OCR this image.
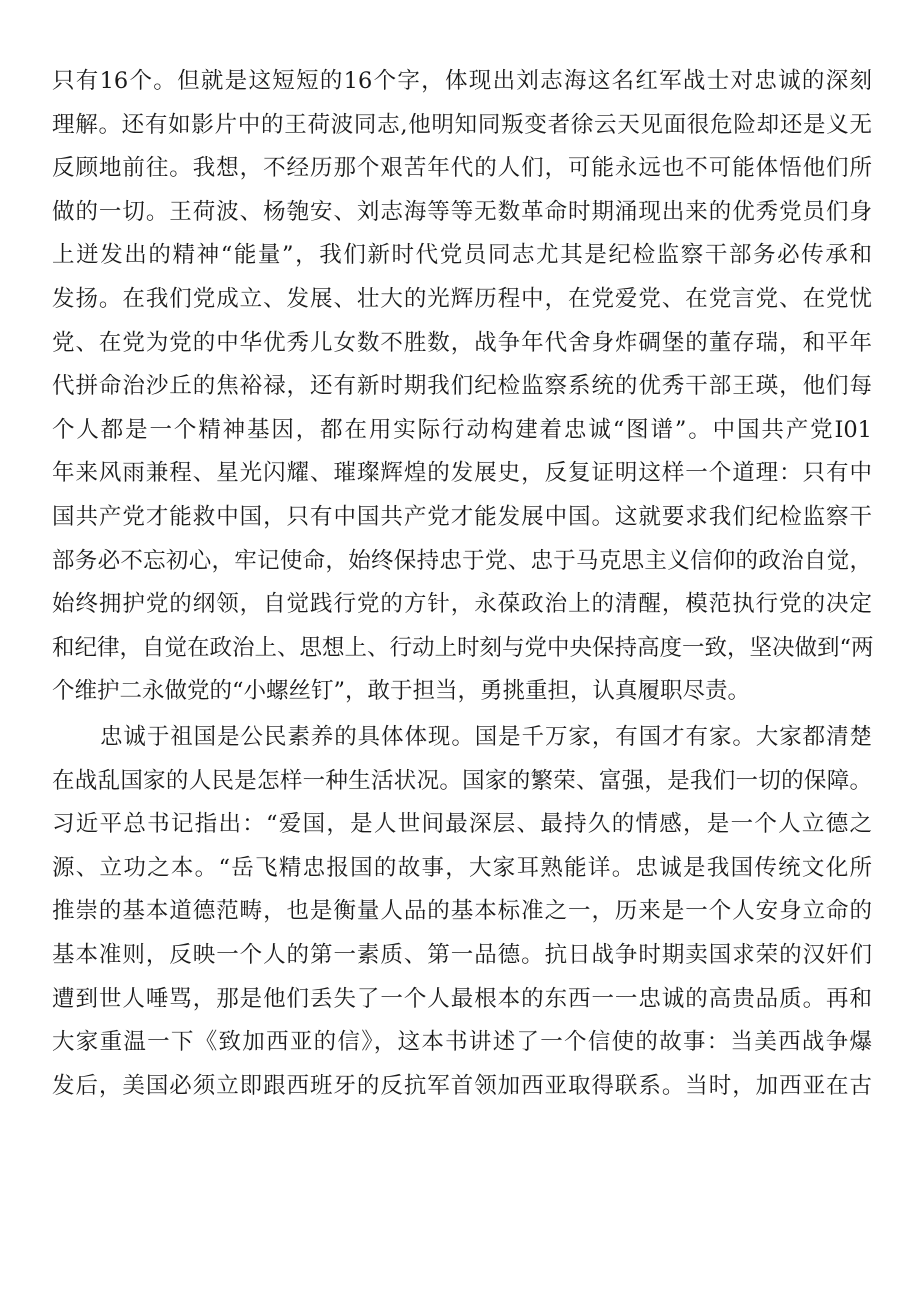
只有16个。但就是这短短的16个字，体现出刘志海这名红军战士对忠诚的深刻
理解。还有如影片中的王荷波同志,他明知同叛变者徐云天见面很危险却还是义无
反顾地前往。我想，不经历那个艰苦年代的人们，可能永远也不可能体悟他们所
做的一切。王荷波、杨匏安、刘志海等等无数革命时期涌现出来的优秀党员们身
上迸发出的精神“能量”，我们新时代党员同志尤其是纪检监察干部务必传承和
发扬。在我们党成立、发展、壮大的光辉历程中，在党爱党、在党言党、在党忧
党、在党为党的中华优秀儿女数不胜数，战争年代舍身炸碉堡的董存瑞，和平年
代拼命治沙丘的焦裕禄，还有新时期我们纪检监察系统的优秀干部王瑛，他们每
个人都是一个精神基因，都在用实际行动构建着忠诚“图谱”。中国共产党I01
年来风雨兼程、星光闪耀、璀璨辉煌的发展史，反复证明这样一个道理：只有中
国共产党才能救中国，只有中国共产党才能发展中国。这就要求我们纪检监察干
部务必不忘初心，牢记使命，始终保持忠于党、忠于马克思主义信仰的政治自觉，
始终拥护党的纲领，自觉践行党的方针，永葆政治上的清醒，模范执行党的决定
和纪律，自觉在政治上、思想上、行动上时刻与党中央保持高度一致，坚决做到“两
个维护二永做党的“小螺丝钉”，敢于担当，勇挑重担，认真履职尽责。
忠诚于祖国是公民素养的具体体现。国是千万家，有国才有家。大家都清楚
在战乱国家的人民是怎样一种生活状况。国家的繁荣、富强，是我们一切的保障。
习近平总书记指出：“爱国，是人世间最深层、最持久的情感，是一个人立德之
源、立功之本。“岳飞精忠报国的故事，大家耳熟能详。忠诚是我国传统文化所
推崇的基本道德范畴，也是衡量人品的基本标准之一，历来是一个人安身立命的
基本准则，反映一个人的第一素质、第一品德。抗日战争时期卖国求荣的汉奸们
遭到世人唾骂，那是他们丢失了一个人最根本的东西一一忠诚的高贵品质。再和
大家重温一下《致加西亚的信》，这本书讲述了一个信使的故事：当美西战争爆
发后，美国必须立即跟西班牙的反抗军首领加西亚取得联系。当时，加西亚在古
